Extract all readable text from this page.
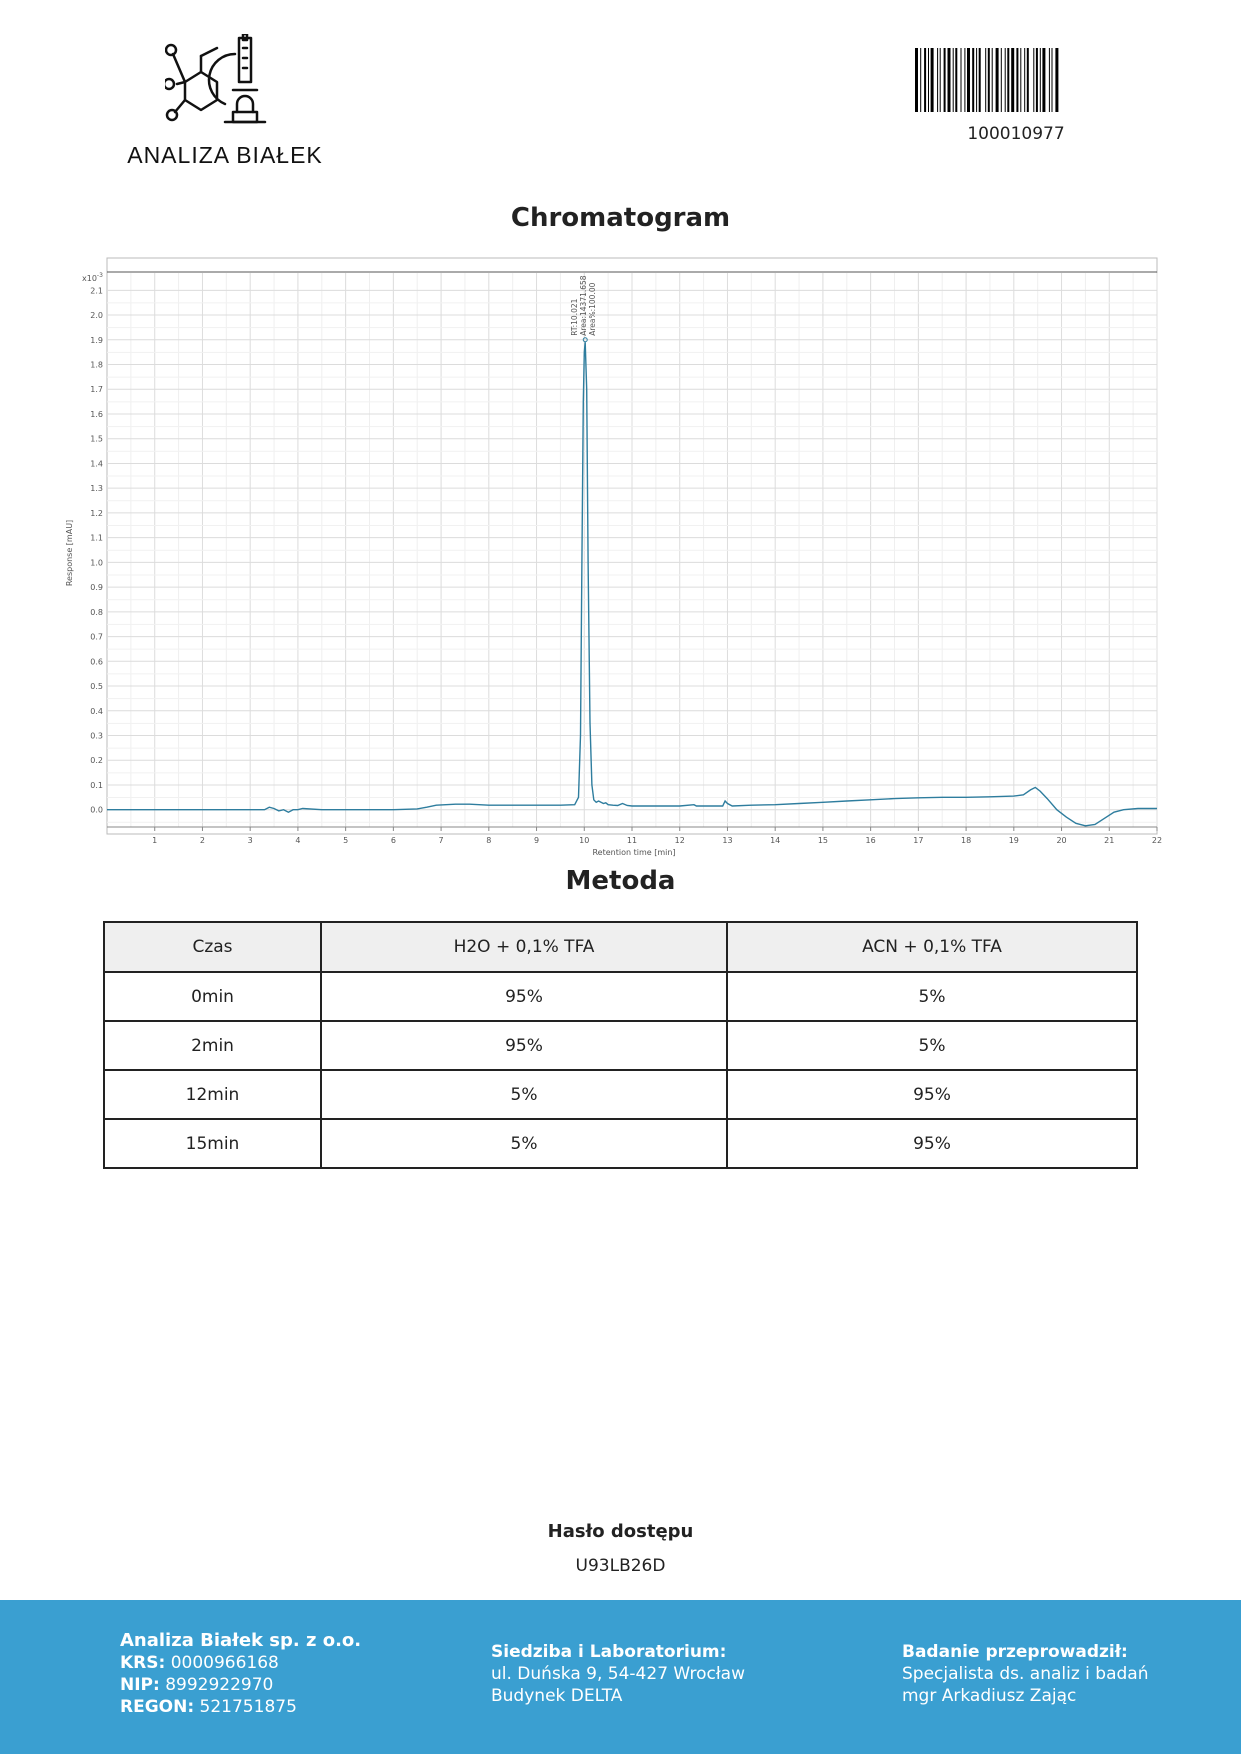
ANALIZA BIAŁEK
100010977
Chromatogram
0.0
0.1
0.2
0.3
0.4
0.5
0.6
0.7
0.8
0.9
1.0
1.1
1.2
1.3
1.4
1.5
1.6
1.7
1.8
1.9
2.0
2.1
1	2	3	4	5	6	7	8	9	10	11	12	13	14	15	16	17	18	19	20	21	22
RT:10.021 Area:14371.658 Area%:100.00
Response [mAU]
Retention time [min]
$x10^{-3}$
Metoda
Czas	H2O + 0,1% TFA	ACN + 0,1% TFA
0min	95%	5%
2min	95%	5%
12min	5%	95%
15min	5%	95%
Hasło dostępu
U93LB26D
Analiza Białek sp. z o.o.
KRS: 0000966168
NIP: 8992922970
REGON: 521751875
Siedziba i Laboratorium:
ul. Duńska 9, 54-427 Wrocław
Budynek DELTA
Badanie przeprowadził:
Specjalista ds. analiz i badań
mgr Arkadiusz Zając
